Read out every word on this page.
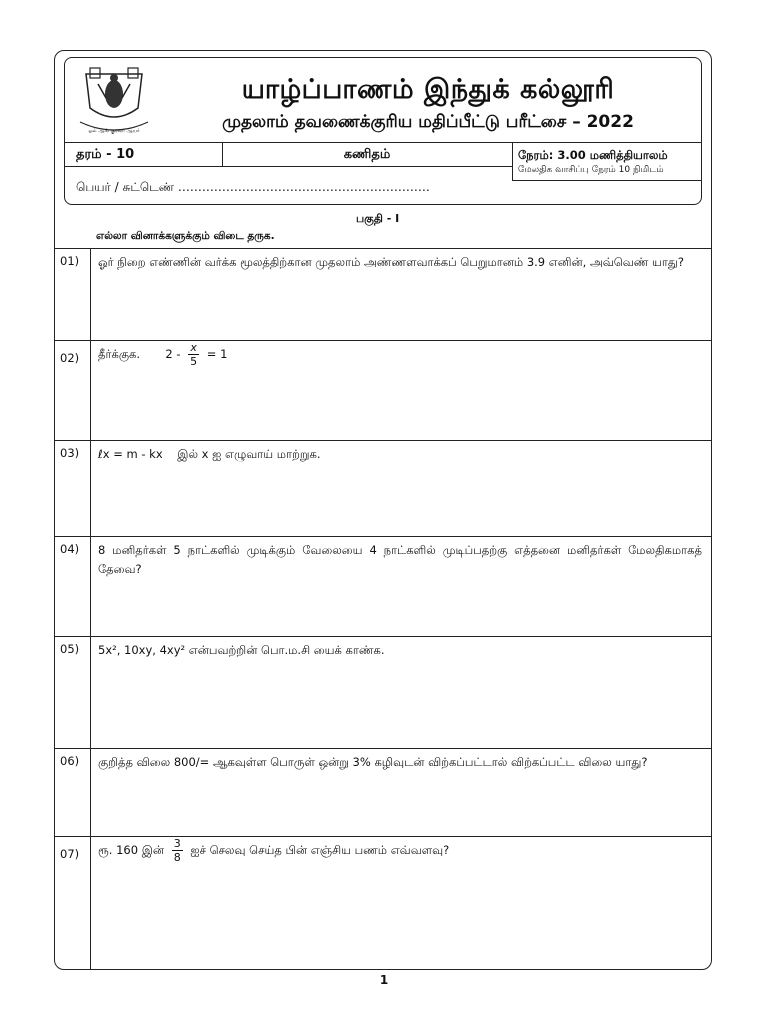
ஓம் ஆங் குரவா ஆயர்
யாழ்ப்பாணம் இந்துக் கல்லூரி
முதலாம் தவணைக்குரிய மதிப்பீட்டு பரீட்சை – 2022
தரம் - 10	கணிதம்	நேரம்: 3.00 மணித்தியாலம்
மேலதிக வாசிப்பு நேரம் 10 நிமிடம்
பெயர் / சுட்டெண் ………………………………………………………
பகுதி - I
எல்லா வினாக்களுக்கும் விடை தருக.
01) ஓர் நிறை எண்ணின் வர்க்க மூலத்திற்கான முதலாம் அண்ணளவாக்கப் பெறுமானம் 3.9 எனின், அவ்வெண் யாது?
02) தீர்க்குக. $2 - \frac{x}{5} = 1$
03) ℓx = m - kx    இல் x ஐ எழுவாய் மாற்றுக.
04) 8 மனிதர்கள் 5 நாட்களில் முடிக்கும் வேலையை 4 நாட்களில் முடிப்பதற்கு எத்தனை மனிதர்கள் மேலதிகமாகத் தேவை?
05) 5x², 10xy, 4xy² என்பவற்றின் பொ.ம.சி யைக் காண்க.
06) குறித்த விலை 800/= ஆகவுள்ள பொருள் ஒன்று 3% கழிவுடன் விற்கப்பட்டால் விற்கப்பட்ட விலை யாது?
07) ரூ. 160 இன் $\frac{3}{8}$ ஐச் செலவு செய்த பின் எஞ்சிய பணம் எவ்வளவு?
1
